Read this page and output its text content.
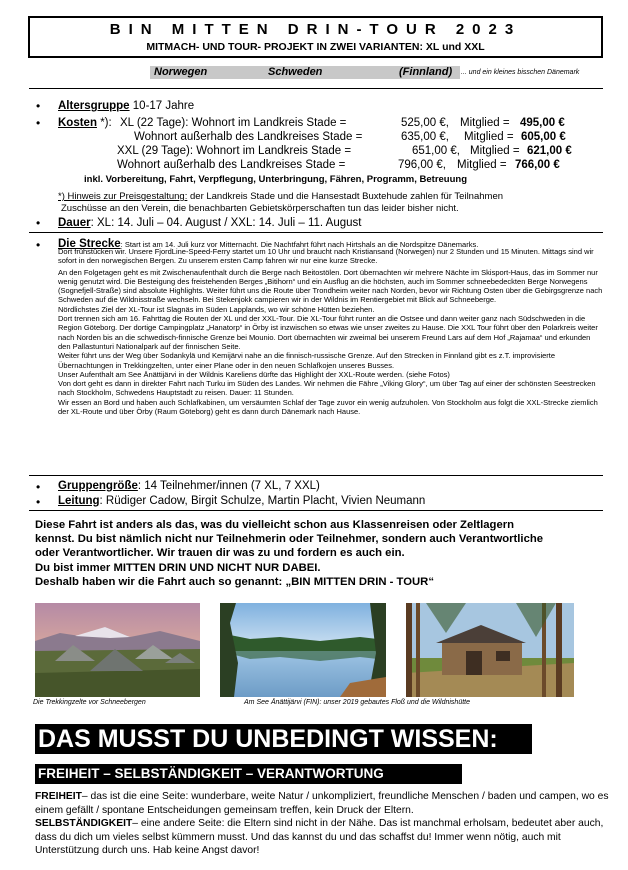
BIN MITTEN DRIN-TOUR 2023
MITMACH- UND TOUR- PROJEKT IN ZWEI VARIANTEN: XL und XXL
Norwegen	Schweden	(Finnland) ... und ein kleines bisschen Dänemark
• Altersgruppe 10-17 Jahre
• Kosten *): XL (22 Tage): Wohnort im Landkreis Stade =	525,00 €, Mitglied = 495,00 €
Wohnort außerhalb des Landkreises Stade =	635,00 €, Mitglied = 605,00 €
XXL (29 Tage): Wohnort im Landkreis Stade =	651,00 €, Mitglied = 621,00 €
Wohnort außerhalb des Landkreises Stade =	796,00 €, Mitglied = 766,00 €
inkl. Vorbereitung, Fahrt, Verpflegung, Unterbringung, Fähren, Programm, Betreuung
*) Hinweis zur Preisgestaltung: der Landkreis Stade und die Hansestadt Buxtehude zahlen für Teilnahmen
Zuschüsse an den Verein, die benachbarten Gebietskörperschaften tun das leider bisher nicht.
• Dauer: XL: 14. Juli – 04. August / XXL: 14. Juli – 11. August
• Die Strecke: Start ist am 14. Juli kurz vor Mitternacht. Die Nachtfahrt führt nach Hirtshals an die Nordspitze Dänemarks.

Dort frühstücken wir. Unsere FjordLine-Speed-Ferry startet um 10 Uhr und braucht nach Kristiansand (Norwegen) nur 2 Stunden und 15 Minuten. Mittags sind wir sofort in den norwegischen Bergen. Zu unserem ersten Camp fahren wir nur eine kurze Strecke.

An den Folgetagen geht es mit Zwischenaufenthalt durch die Berge nach Beitostölen. Dort übernachten wir mehrere Nächte im Skisport-Haus, das im Sommer nur wenig genutzt wird. Die Besteigung des freistehenden Berges „Bitihorn“ und ein Ausflug an die höchsten, auch im Sommer schneebedeckten Berge Norwegens (Sognefjell-Straße) sind absolute Highlights. Weiter führt uns die Route über Trondheim weiter nach Norden, bevor wir Richtung Osten über die Gebirgsgrenze nach Schweden auf die Wildnisstraße wechseln. Bei Stekenjokk campieren wir in der Wildnis im Rentiergebiet mit Blick auf Schneeberge.

Nördlichstes Ziel der XL-Tour ist Slagnäs im Süden Lapplands, wo wir schöne Hütten beziehen.

Dort trennen sich am 16. Fahrttag die Routen der XL und der XXL-Tour. Die XL-Tour führt runter an die Ostsee und dann weiter ganz nach Südschweden in die Region Göteborg. Der dortige Campingplatz „Hanatorp“ in Örby ist inzwischen so etwas wie unser zweites zu Hause. Die XXL Tour führt über den Polarkreis weiter nach Norden bis an die schwedisch-finnische Grenze bei Mounio. Dort übernachten wir zweimal bei unserem Freund Lars auf dem Hof „Rajamaa“ und erkunden den Pallastunturi Nationalpark auf der finnischen Seite.

Weiter führt uns der Weg über Sodankylä und Kemijärvi nahe an die finnisch-russische Grenze. Auf den Strecken in Finnland gibt es z.T. improvisierte Übernachtungen in Trekkingzelten, unter einer Plane oder in den neuen Schlafkojen unseres Busses.

Unser Aufenthalt am See Änättijärvi in der Wildnis Kareliens dürfte das Highlight der XXL-Route werden. (siehe Fotos)

Von dort geht es dann in direkter Fahrt nach Turku im Süden des Landes. Wir nehmen die Fähre „Viking Glory“, um über Tag auf einer der schönsten Seestrecken nach Stockholm, Schwedens Hauptstadt zu reisen. Dauer: 11 Stunden.

Wir essen an Bord und haben auch Schlafkabinen, um versäumten Schlaf der Tage zuvor ein wenig aufzuholen. Von Stockholm aus folgt die XXL-Strecke ziemlich der XL-Route und über Örby (Raum Göteborg) geht es dann durch Dänemark nach Hause.

• Gruppengröße: 14 Teilnehmer/innen (7 XL, 7 XXL)
• Leitung: Rüdiger Cadow, Birgit Schulze, Martin Placht, Vivien Neumann
Diese Fahrt ist anders als das, was du vielleicht schon aus Klassenreisen oder Zeltlagern
kennst. Du bist nämlich nicht nur Teilnehmerin oder Teilnehmer, sondern auch Verantwortliche
oder Verantwortlicher. Wir trauen dir was zu und fordern es auch ein.
Du bist immer MITTEN DRIN UND NICHT NUR DABEI.
Deshalb haben wir die Fahrt auch so genannt: „BIN MITTEN DRIN - TOUR“
Die Trekkingzelte vor Schneebergen	Am See Änättijärvi (FIN): unser 2019 gebautes Floß und die Wildnishütte
DAS MUSST DU UNBEDINGT WISSEN:
FREIHEIT – SELBSTÄNDIGKEIT – VERANTWORTUNG
FREIHEIT– das ist die eine Seite: wunderbare, weite Natur / unkompliziert, freundliche Menschen / baden und campen, wo es einem gefällt / spontane Entscheidungen gemeinsam treffen, kein Druck der Eltern.
SELBSTÄNDIGKEIT– eine andere Seite: die Eltern sind nicht in der Nähe. Das ist manchmal erholsam, bedeutet aber auch, dass du dich um vieles selbst kümmern musst. Und das kannst du und das schaffst du! Immer wenn nötig, auch mit Unterstützung durch uns. Hab keine Angst davor!
